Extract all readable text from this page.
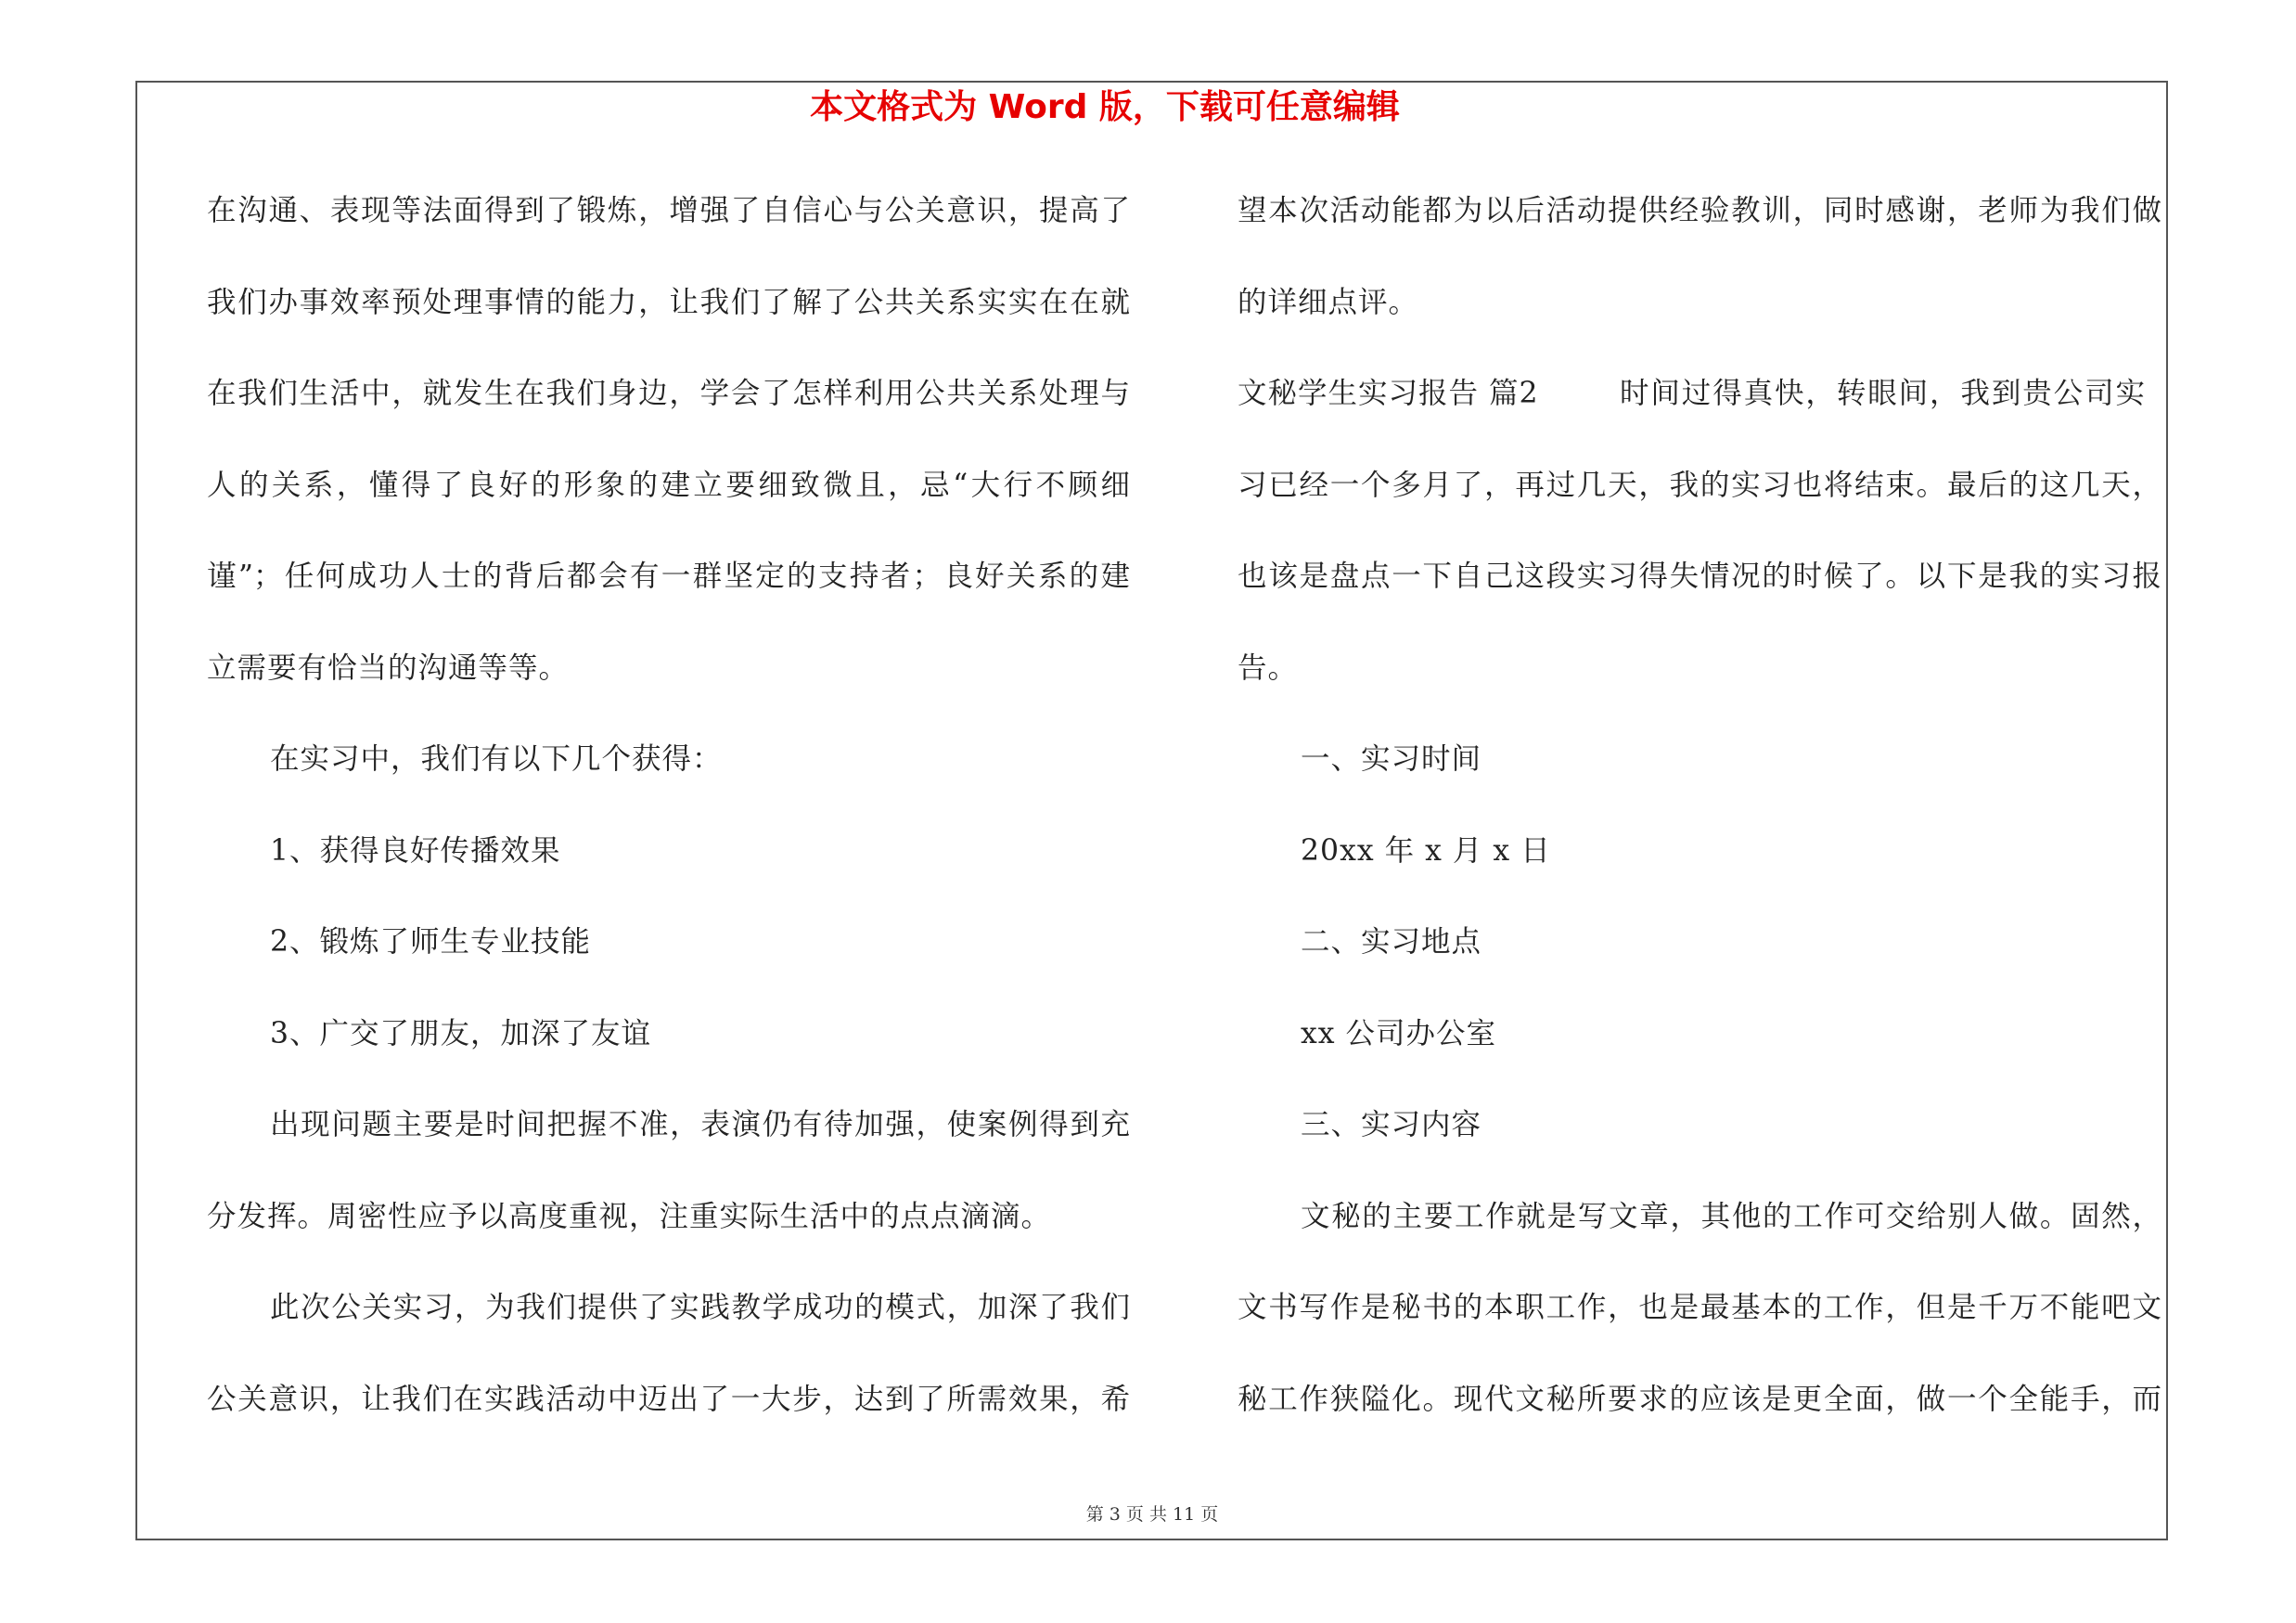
本文格式为 Word 版，下载可任意编辑
在沟通、表现等法面得到了锻炼，增强了自信心与公关意识，提高了
我们办事效率预处理事情的能力，让我们了解了公共关系实实在在就
在我们生活中，就发生在我们身边，学会了怎样利用公共关系处理与
人的关系，懂得了良好的形象的建立要细致微且，忌“大行不顾细
谨”；任何成功人士的背后都会有一群坚定的支持者；良好关系的建
立需要有恰当的沟通等等。
在实习中，我们有以下几个获得：
1、获得良好传播效果
2、锻炼了师生专业技能
3、广交了朋友，加深了友谊
出现问题主要是时间把握不准，表演仍有待加强，使案例得到充
分发挥。周密性应予以高度重视，注重实际生活中的点点滴滴。
此次公关实习，为我们提供了实践教学成功的模式，加深了我们
公关意识，让我们在实践活动中迈出了一大步，达到了所需效果，希
望本次活动能都为以后活动提供经验教训，同时感谢，老师为我们做
的详细点评。
文秘学生实习报告 篇2	时间过得真快，转眼间，我到贵公司实
习已经一个多月了，再过几天，我的实习也将结束。最后的这几天，
也该是盘点一下自己这段实习得失情况的时候了。以下是我的实习报
告。
一、实习时间
20xx 年 x 月 x 日
二、实习地点
xx 公司办公室
三、实习内容
文秘的主要工作就是写文章，其他的工作可交给别人做。固然，
文书写作是秘书的本职工作，也是最基本的工作，但是千万不能吧文
秘工作狭隘化。现代文秘所要求的应该是更全面，做一个全能手，而
第 3 页 共 11 页
